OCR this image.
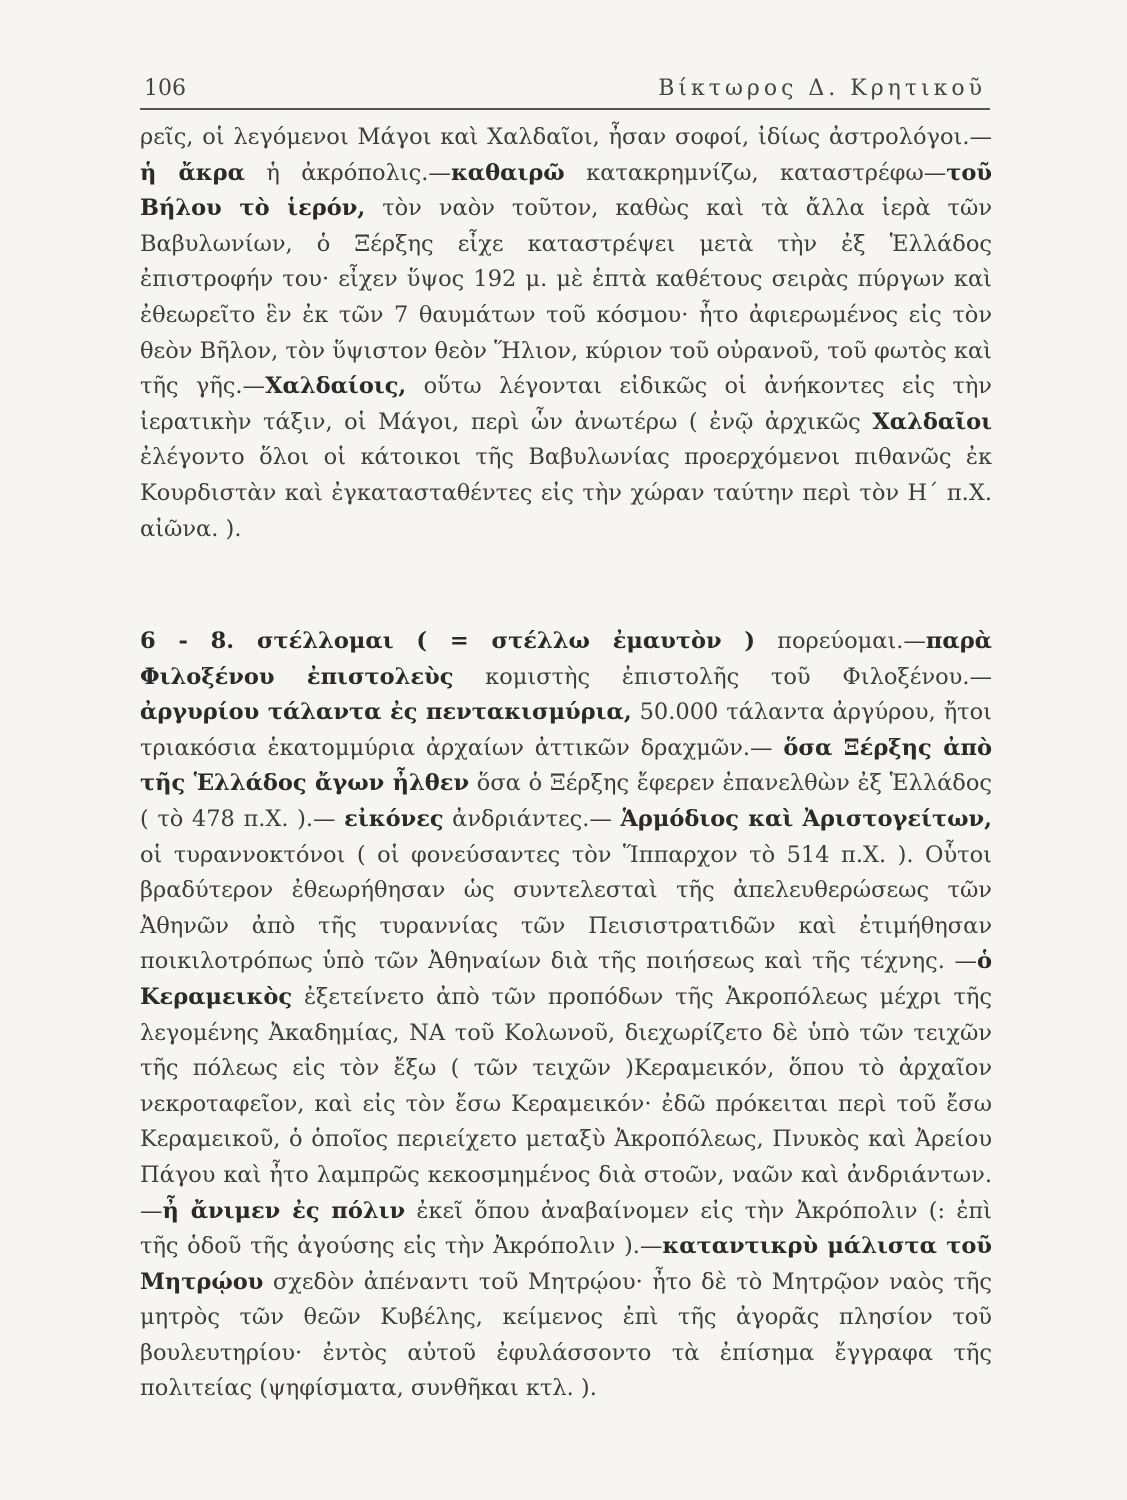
106	Βίκτωρος Δ. Κρητικοῦ

ρεῖς, οἱ λεγόμενοι Μάγοι καὶ Χαλδαῖοι, ἦσαν σοφοί, ἰδίως ἀστρολόγοι.—ἡ ἄκρα ἡ ἀκρόπολις.—καθαιρῶ κατακρημνίζω, καταστρέφω—τοῦ Βήλου τὸ ἱερόν, τὸν ναὸν τοῦτον, καθὼς καὶ τὰ ἄλλα ἱερὰ τῶν Βαβυλωνίων, ὁ Ξέρξης εἶχε καταστρέψει μετὰ τὴν ἐξ Ἑλλάδος ἐπιστροφήν του· εἶχεν ὕψος 192 μ. μὲ ἑπτὰ καθέτους σειρὰς πύργων καὶ ἐθεωρεῖτο ἓν ἐκ τῶν 7 θαυμάτων τοῦ κόσμου· ἦτο ἀφιερωμένος εἰς τὸν θεὸν Βῆλον, τὸν ὕψιστον θεὸν Ἥλιον, κύριον τοῦ οὐρανοῦ, τοῦ φωτὸς καὶ τῆς γῆς.—Χαλδαίοις, οὕτω λέγονται εἰδικῶς οἱ ἀνήκοντες εἰς τὴν ἱερατικὴν τάξιν, οἱ Μάγοι, περὶ ὧν ἀνωτέρω ( ἐνῷ ἀρχικῶς Χαλδαῖοι ἐλέγοντο ὅλοι οἱ κάτοικοι τῆς Βαβυλωνίας προερχόμενοι πιθανῶς ἐκ Κουρδιστὰν καὶ ἐγκατασταθέντες εἰς τὴν χώραν ταύτην περὶ τὸν Η΄ π.Χ. αἰῶνα. ).

6 - 8. στέλλομαι ( = στέλλω ἐμαυτὸν ) πορεύομαι.—παρὰ Φιλοξένου ἐπιστολεὺς κομιστὴς ἐπιστολῆς τοῦ Φιλοξένου.— ἀργυρίου τάλαντα ἐς πεντακισμύρια, 50.000 τάλαντα ἀργύρου, ἤτοι τριακόσια ἑκατομμύρια ἀρχαίων ἀττικῶν δραχμῶν.— ὅσα Ξέρξης ἀπὸ τῆς Ἑλλάδος ἄγων ἦλθεν ὅσα ὁ Ξέρξης ἔφερεν ἐπανελθὼν ἐξ Ἑλλάδος ( τὸ 478 π.Χ. ).— εἰκόνες ἀνδριάντες.— Ἁρμόδιος καὶ Ἀριστογείτων, οἱ τυραννοκτόνοι ( οἱ φονεύσαντες τὸν Ἵππαρχον τὸ 514 π.Χ. ). Οὗτοι βραδύτερον ἐθεωρήθησαν ὡς συντελεσταὶ τῆς ἀπελευθερώσεως τῶν Ἀθηνῶν ἀπὸ τῆς τυραννίας τῶν Πεισιστρατιδῶν καὶ ἐτιμήθησαν ποικιλοτρόπως ὑπὸ τῶν Ἀθηναίων διὰ τῆς ποιήσεως καὶ τῆς τέχνης. —ὁ Κεραμεικὸς ἐξετείνετο ἀπὸ τῶν προπόδων τῆς Ἀκροπόλεως μέχρι τῆς λεγομένης Ἀκαδημίας, ΝΑ τοῦ Κολωνοῦ, διεχωρίζετο δὲ ὑπὸ τῶν τειχῶν τῆς πόλεως εἰς τὸν ἔξω ( τῶν τειχῶν )Κεραμεικόν, ὅπου τὸ ἀρχαῖον νεκροταφεῖον, καὶ εἰς τὸν ἔσω Κεραμεικόν· ἐδῶ πρόκειται περὶ τοῦ ἔσω Κεραμεικοῦ, ὁ ὁποῖος περιείχετο μεταξὺ Ἀκροπόλεως, Πνυκὸς καὶ Ἀρείου Πάγου καὶ ἦτο λαμπρῶς κεκοσμημένος διὰ στοῶν, ναῶν καὶ ἀνδριάντων.—ἦ ἄνιμεν ἐς πόλιν ἐκεῖ ὅπου ἀναβαίνομεν εἰς τὴν Ἀκρόπολιν (: ἐπὶ τῆς ὁδοῦ τῆς ἀγούσης εἰς τὴν Ἀκρόπολιν ).—καταντικρὺ μάλιστα τοῦ Μητρῴου σχεδὸν ἀπέναντι τοῦ Μητρῴου· ἦτο δὲ τὸ Μητρῷον ναὸς τῆς μητρὸς τῶν θεῶν Κυβέλης, κείμενος ἐπὶ τῆς ἀγορᾶς πλησίον τοῦ βουλευτηρίου· ἐντὸς αὐτοῦ ἐφυλάσσοντο τὰ ἐπίσημα ἔγγραφα τῆς πολιτείας (ψηφίσματα, συνθῆκαι κτλ. ).
